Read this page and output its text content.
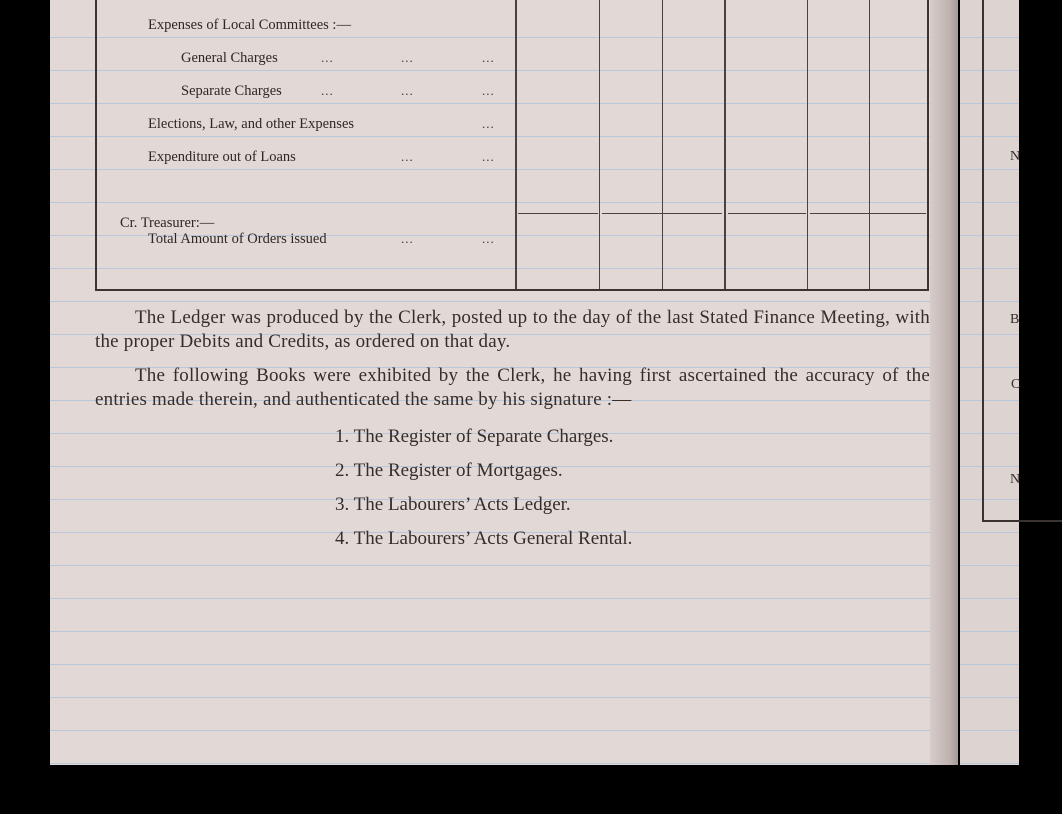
N
B
C
N
Expenses of Local Committees :—
General Charges	...	...	...
Separate Charges	...	...	...
Elections, Law, and other Expenses	...
Expenditure out of Loans	...	...
Cr. Treasurer:—
Total Amount of Orders issued	...	...
The Ledger was produced by the Clerk, posted up to the day of the last Stated Finance Meeting, with the proper Debits and Credits, as ordered on that day.
The following Books were exhibited by the Clerk, he having first ascertained the accuracy of the entries made therein, and authenticated the same by his signature :—
1. The Register of Separate Charges.
2. The Register of Mortgages.
3. The Labourers’ Acts Ledger.
4. The Labourers’ Acts General Rental.
